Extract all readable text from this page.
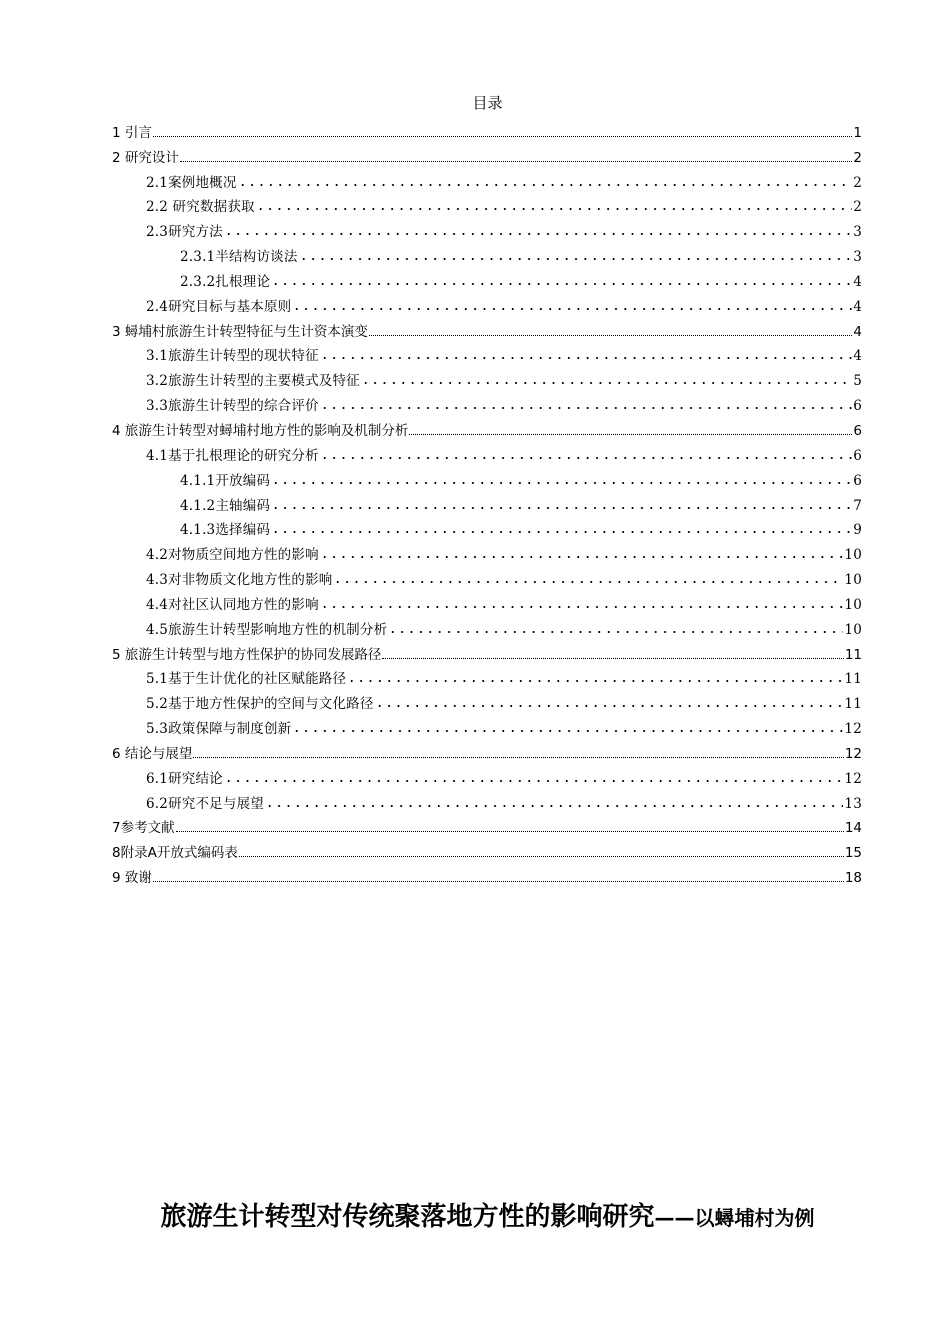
目录
1 引言	1
2 研究设计	2
2.1案例地概况	2
2.2 研究数据获取	2
2.3研究方法	3
2.3.1半结构访谈法	3
2.3.2扎根理论	4
2.4研究目标与基本原则	4
3 蟳埔村旅游生计转型特征与生计资本演变	4
3.1旅游生计转型的现状特征	4
3.2旅游生计转型的主要模式及特征	5
3.3旅游生计转型的综合评价	6
4 旅游生计转型对蟳埔村地方性的影响及机制分析	6
4.1基于扎根理论的研究分析	6
4.1.1开放编码	6
4.1.2主轴编码	7
4.1.3选择编码	9
4.2对物质空间地方性的影响	10
4.3对非物质文化地方性的影响	10
4.4对社区认同地方性的影响	10
4.5旅游生计转型影响地方性的机制分析	10
5 旅游生计转型与地方性保护的协同发展路径	11
5.1基于生计优化的社区赋能路径	11
5.2基于地方性保护的空间与文化路径	11
5.3政策保障与制度创新	12
6 结论与展望	12
6.1研究结论	12
6.2研究不足与展望	13
7参考文献	14
8附录A开放式编码表	15
9 致谢	18
旅游生计转型对传统聚落地方性的影响研究——以蟳埔村为例
